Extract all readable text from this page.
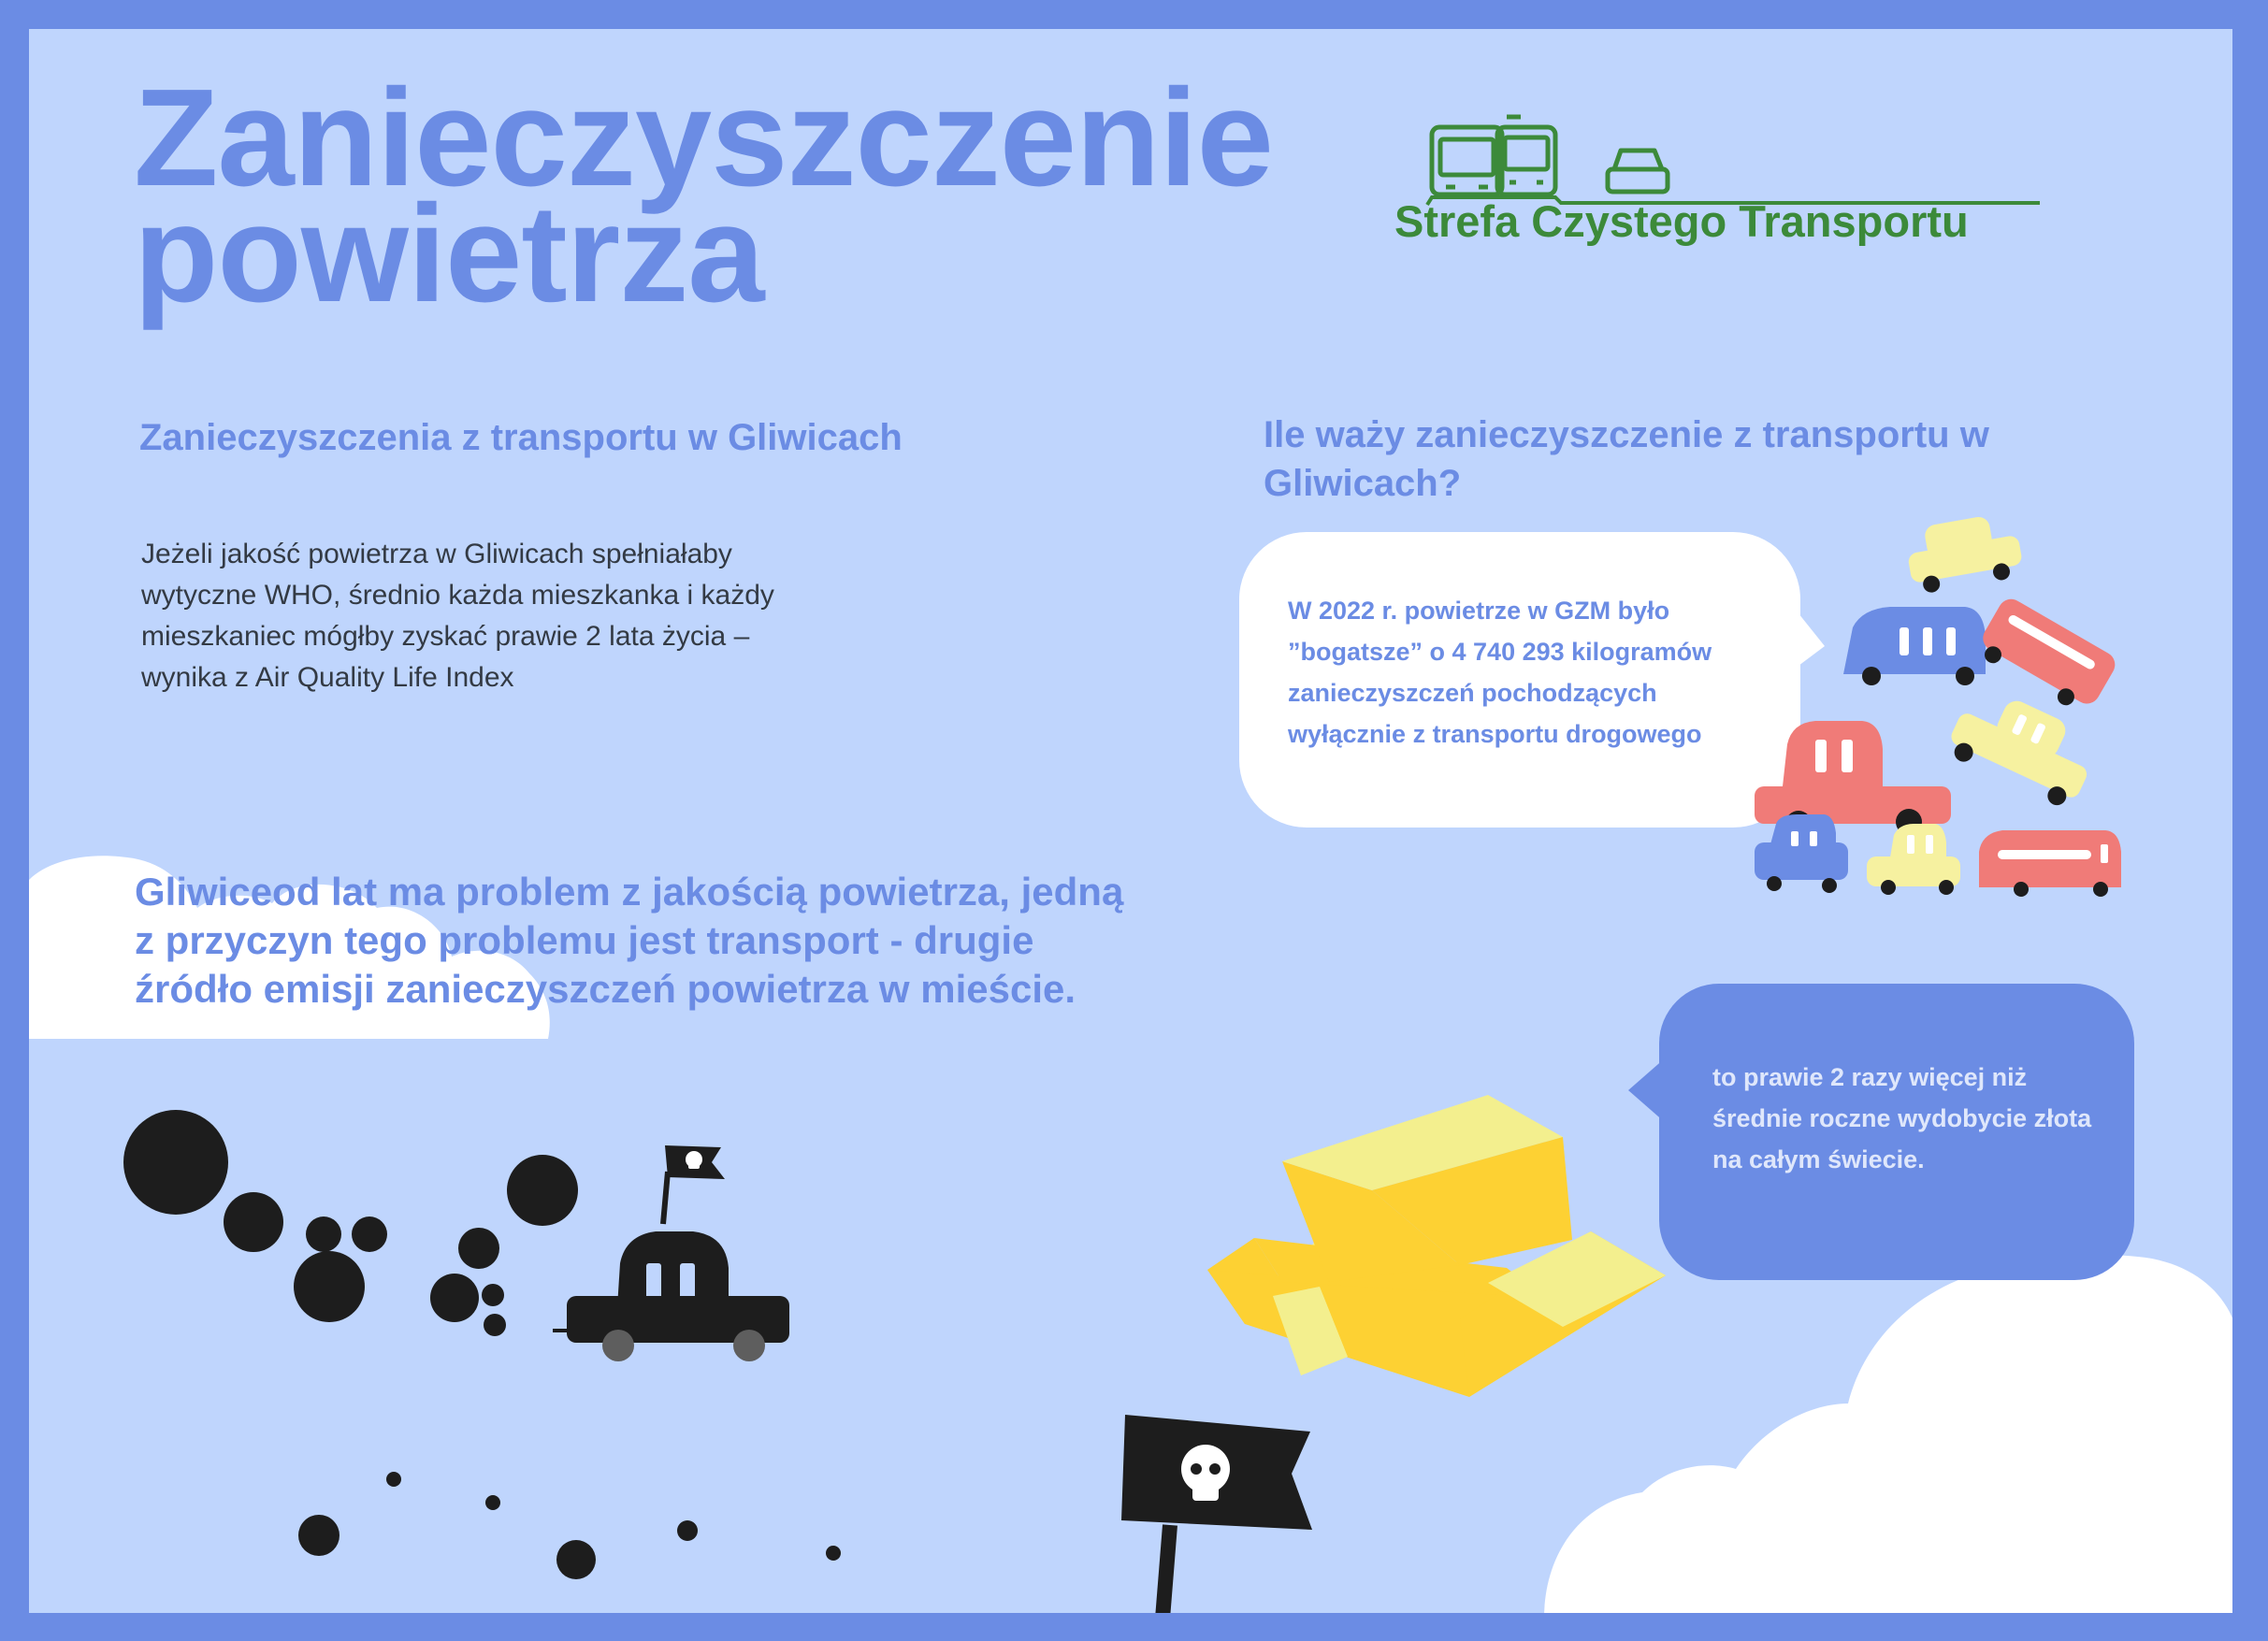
Zanieczyszczenie
powietrza	Strefa Czystego Transportu
Zanieczyszczenia z transportu w Gliwicach
Jeżeli jakość powietrza w Gliwicach spełniałaby wytyczne WHO, średnio każda mieszkanka i każdy mieszkaniec mógłby zyskać prawie 2 lata życia – wynika z Air Quality Life Index
Gliwiceod lat ma problem z jakością powietrza, jedną z przyczyn tego problemu jest transport - drugie źródło emisji zanieczyszczeń powietrza w mieście.
Ile waży zanieczyszczenie z transportu w Gliwicach?
W 2022 r. powietrze w GZM było ”bogatsze” o 4 740 293 kilogramów zanieczyszczeń pochodzących wyłącznie z transportu drogowego
to prawie 2 razy więcej niż średnie roczne wydobycie złota na całym świecie.
